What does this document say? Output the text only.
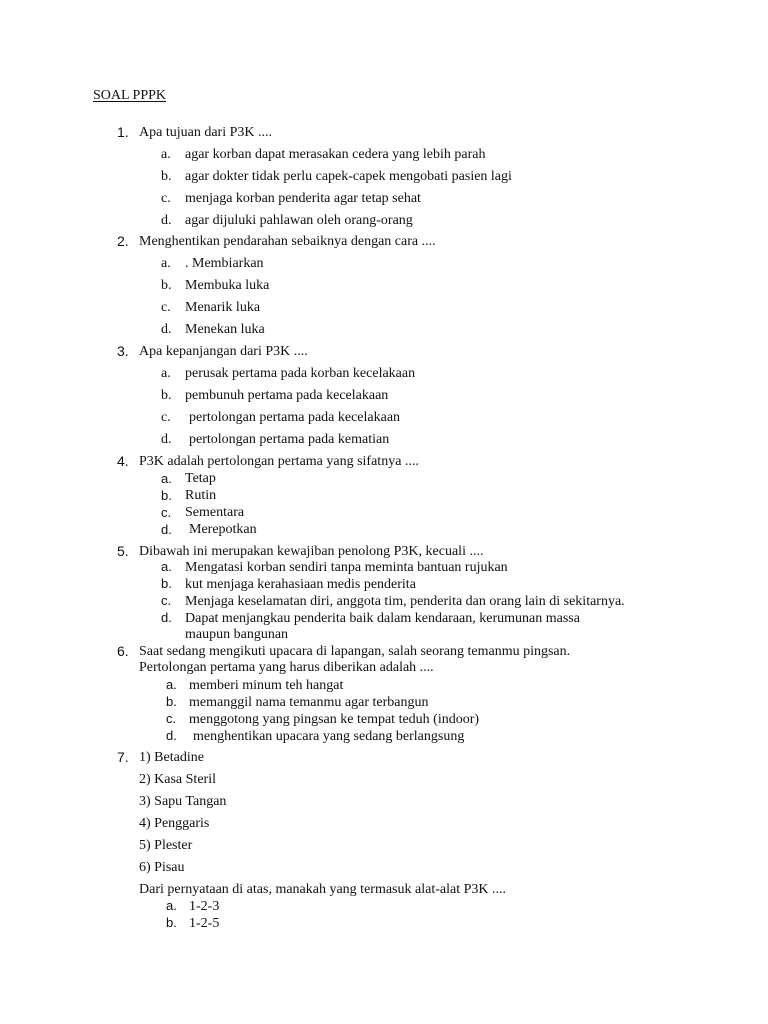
SOAL PPPK
1. Apa tujuan dari P3K ....
a. agar korban dapat merasakan cedera yang lebih parah
b. agar dokter tidak perlu capek-capek mengobati pasien lagi
c. menjaga korban penderita agar tetap sehat
d. agar dijuluki pahlawan oleh orang-orang
2. Menghentikan pendarahan sebaiknya dengan cara ....
a. . Membiarkan
b. Membuka luka
c. Menarik luka
d. Menekan luka
3. Apa kepanjangan dari P3K ....
a. perusak pertama pada korban kecelakaan
b. pembunuh pertama pada kecelakaan
c. pertolongan pertama pada kecelakaan
d. pertolongan pertama pada kematian
4. P3K adalah pertolongan pertama yang sifatnya ....
a. Tetap
b. Rutin
c. Sementara
d. Merepotkan
5. Dibawah ini merupakan kewajiban penolong P3K, kecuali ....
a. Mengatasi korban sendiri tanpa meminta bantuan rujukan
b. kut menjaga kerahasiaan medis penderita
c. Menjaga keselamatan diri, anggota tim, penderita dan orang lain di sekitarnya.
d. Dapat menjangkau penderita baik dalam kendaraan, kerumunan massa
maupun bangunan
6. Saat sedang mengikuti upacara di lapangan, salah seorang temanmu pingsan.
Pertolongan pertama yang harus diberikan adalah ....
a. memberi minum teh hangat
b. memanggil nama temanmu agar terbangun
c. menggotong yang pingsan ke tempat teduh (indoor)
d. menghentikan upacara yang sedang berlangsung
7. 1) Betadine
2) Kasa Steril
3) Sapu Tangan
4) Penggaris
5) Plester
6) Pisau
Dari pernyataan di atas, manakah yang termasuk alat-alat P3K ....
a. 1-2-3
b. 1-2-5
